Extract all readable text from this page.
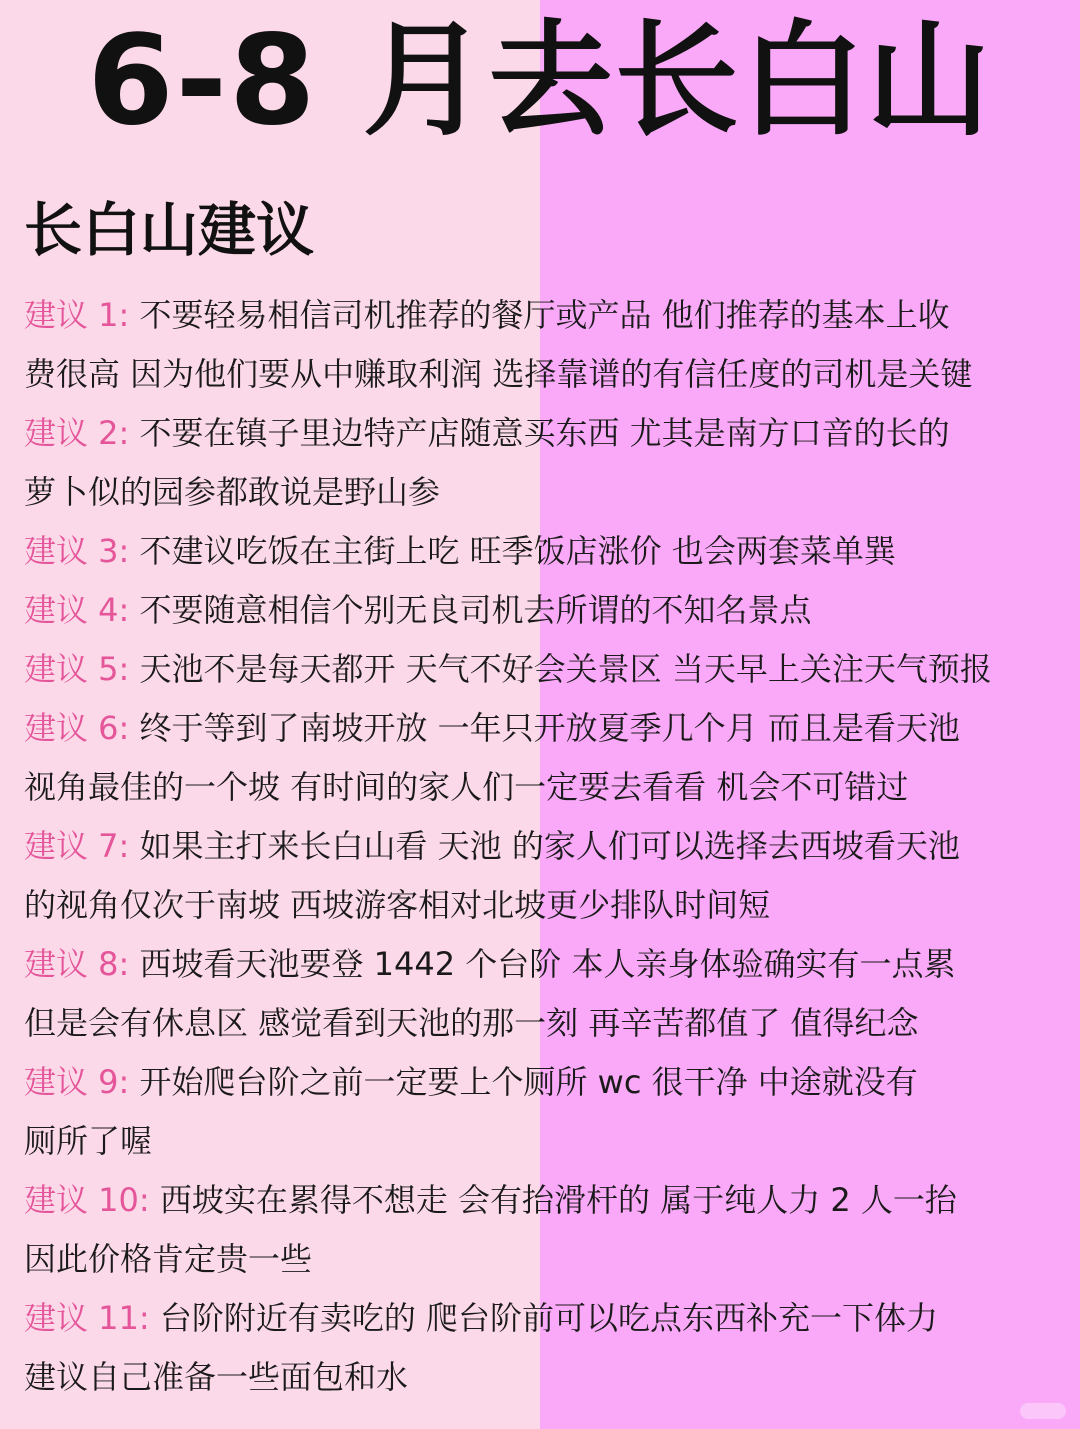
6-8 月去长白山
长白山建议
建议 1: 不要轻易相信司机推荐的餐厅或产品 他们推荐的基本上收
费很高 因为他们要从中赚取利润 选择靠谱的有信任度的司机是关键
建议 2: 不要在镇子里边特产店随意买东西 尤其是南方口音的长的
萝卜似的园参都敢说是野山参
建议 3: 不建议吃饭在主街上吃 旺季饭店涨价 也会两套菜单巽
建议 4: 不要随意相信个别无良司机去所谓的不知名景点
建议 5: 天池不是每天都开 天气不好会关景区 当天早上关注天气预报
建议 6: 终于等到了南坡开放 一年只开放夏季几个月 而且是看天池
视角最佳的一个坡 有时间的家人们一定要去看看 机会不可错过
建议 7: 如果主打来长白山看 天池 的家人们可以选择去西坡看天池
的视角仅次于南坡 西坡游客相对北坡更少排队时间短
建议 8: 西坡看天池要登 1442 个台阶 本人亲身体验确实有一点累
但是会有休息区 感觉看到天池的那一刻 再辛苦都值了 值得纪念
建议 9: 开始爬台阶之前一定要上个厕所 wc 很干净 中途就没有
厕所了喔
建议 10: 西坡实在累得不想走 会有抬滑杆的 属于纯人力 2 人一抬
因此价格肯定贵一些
建议 11: 台阶附近有卖吃的 爬台阶前可以吃点东西补充一下体力
建议自己准备一些面包和水
